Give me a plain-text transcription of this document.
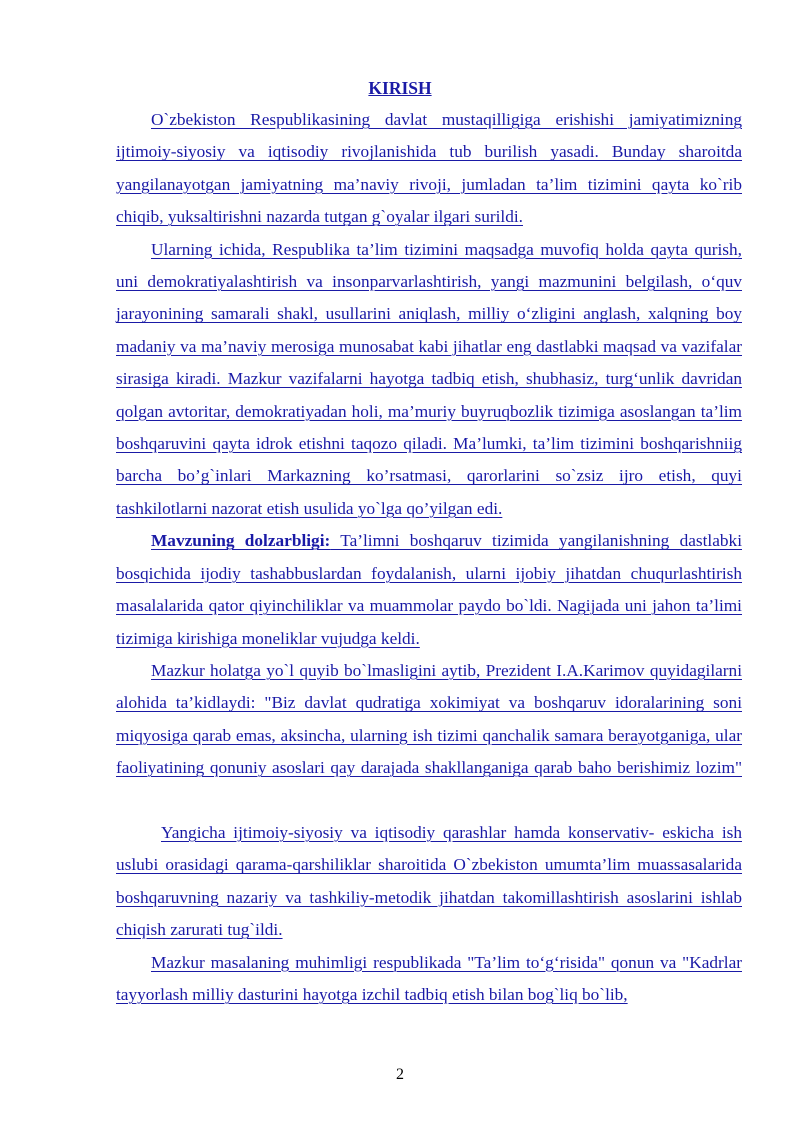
KIRISH

O`zbekiston Respublikasining davlat mustaqilligiga erishishi jamiyatimizning ijtimoiy-siyosiy va iqtisodiy rivojlanishida tub burilish yasadi. Bunday sharoitda yangilanayotgan jamiyatning ma’naviy rivoji, jumladan ta’lim tizimini qayta ko`rib chiqib, yuksaltirishni nazarda tutgan g`oyalar ilgari surildi.

Ularning ichida, Respublika ta’lim tizimini maqsadga muvofiq holda qayta qurish, uni demokratiyalashtirish va insonparvarlashtirish, yangi mazmunini belgilash, o‘quv jarayonining samarali shakl, usullarini aniqlash, milliy o‘zligini anglash, xalqning boy madaniy va ma’naviy merosiga munosabat kabi jihatlar eng dastlabki maqsad va vazifalar sirasiga kiradi. Mazkur vazifalarni hayotga tadbiq etish, shubhasiz, turg‘unlik davridan qolgan avtoritar, demokratiyadan holi, ma’muriy buyruqbozlik tizimiga asoslangan ta’lim boshqaruvini qayta idrok etishni taqozo qiladi. Ma’lumki, ta’lim tizimini boshqarishniig barcha bo’g`inlari Markazning ko’rsatmasi, qarorlarini so`zsiz ijro etish, quyi tashkilotlarni nazorat etish usulida yo`lga qo’yilgan edi.

Mavzuning dolzarbligi: Ta’limni boshqaruv tizimida yangilanishning dastlabki bosqichida ijodiy tashabbuslardan foydalanish, ularni ijobiy jihatdan chuqurlashtirish masalalarida qator qiyinchiliklar va muammolar paydo bo`ldi. Nagijada uni jahon ta’limi tizimiga kirishiga moneliklar vujudga keldi.

Mazkur holatga yo`l quyib bo`lmasligini aytib, Prezident I.A.Karimov quyidagilarni alohida ta’kidlaydi: "Biz davlat qudratiga xokimiyat va boshqaruv idoralarining soni miqyosiga qarab emas, aksincha, ularning ish tizimi qanchalik samara berayotganiga, ular faoliyatining qonuniy asoslari qay darajada shakllanganiga qarab baho berishimiz lozim"

Yangicha ijtimoiy-siyosiy va iqtisodiy qarashlar hamda konservativ- eskicha ish uslubi orasidagi qarama-qarshiliklar sharoitida O`zbekiston umumta’lim muassasalarida boshqaruvning nazariy va tashkiliy-metodik jihatdan takomillashtirish asoslarini ishlab chiqish zarurati tug`ildi.

Mazkur masalaning muhimligi respublikada "Ta’lim to‘g‘risida" qonun va "Kadrlar tayyorlash milliy dasturini hayotga izchil tadbiq etish bilan bog`liq bo`lib,

2
